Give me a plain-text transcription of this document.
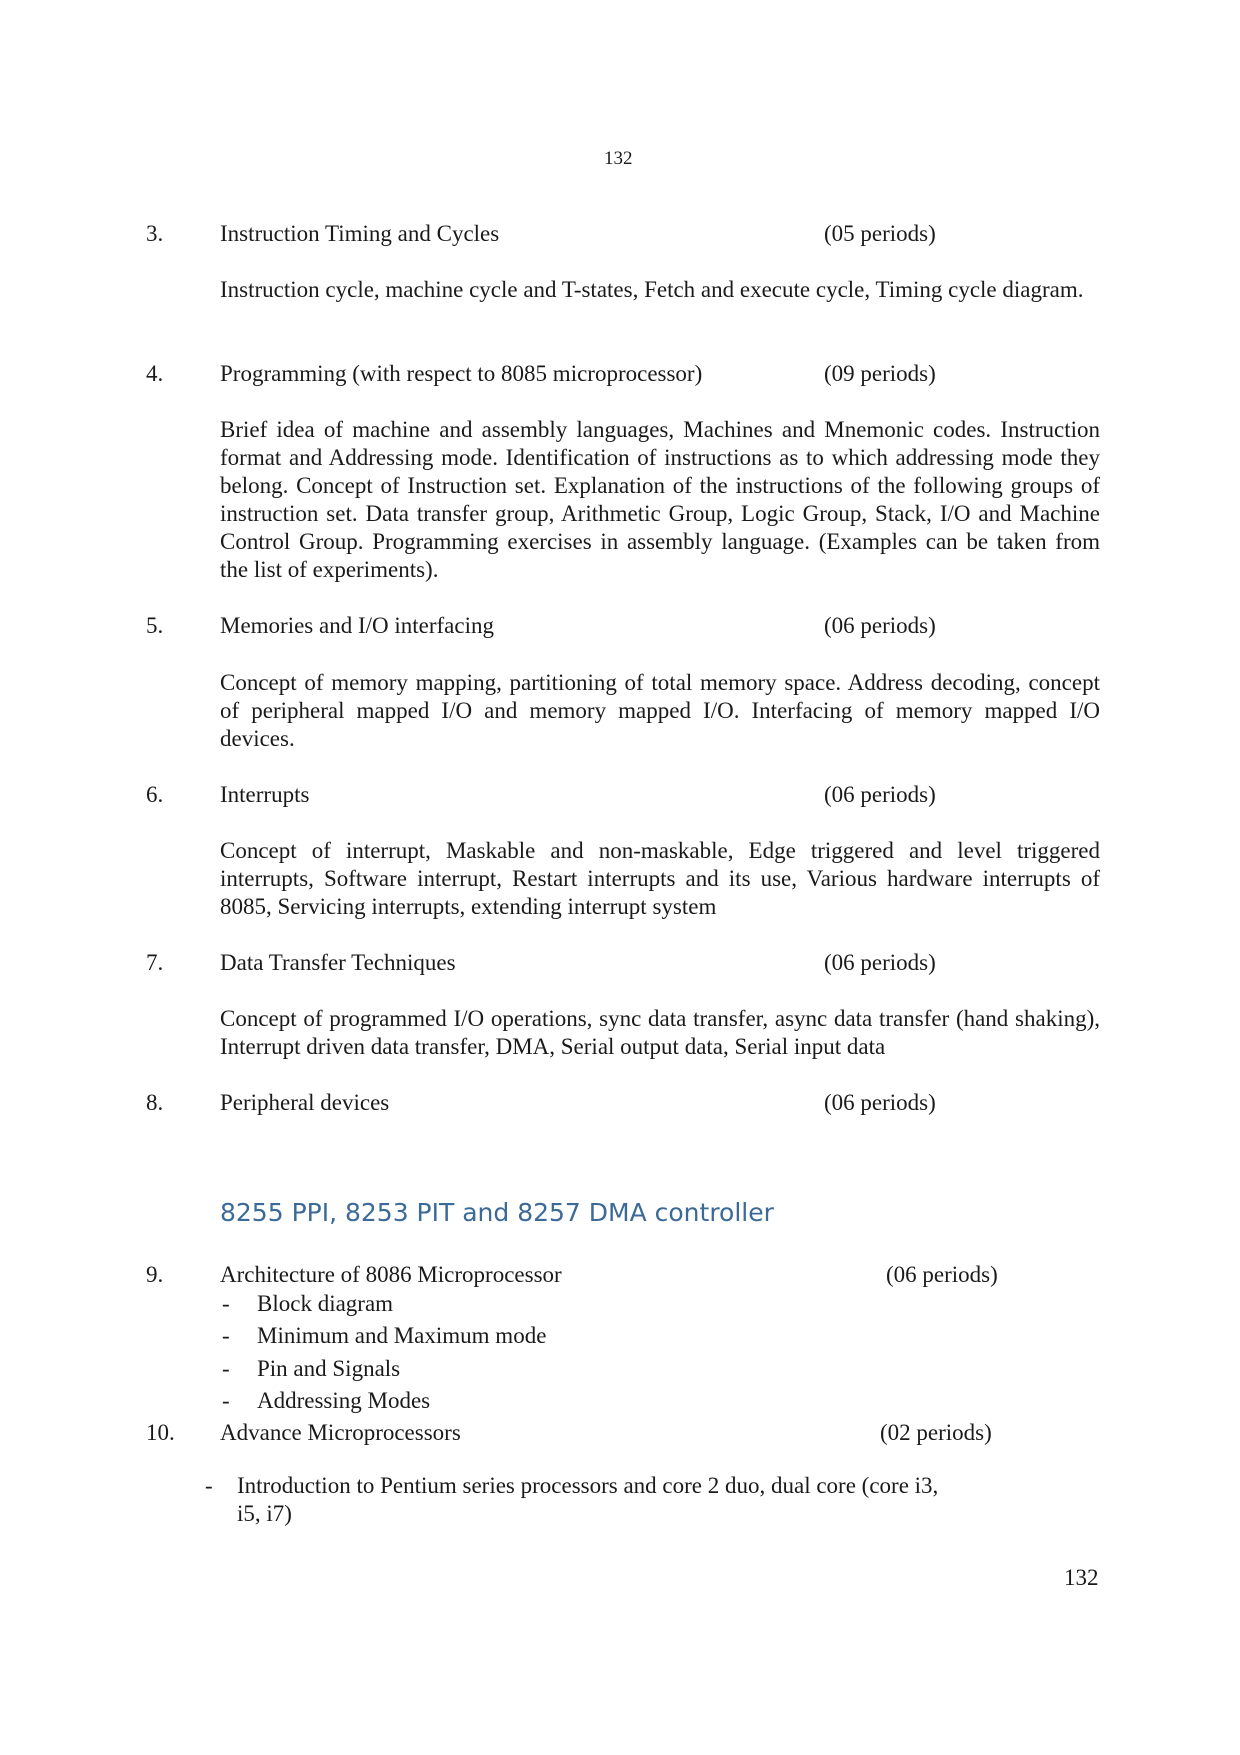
132
3. Instruction Timing and Cycles	(05 periods)
Instruction cycle, machine cycle and T-states, Fetch and execute cycle, Timing cycle diagram.
4. Programming (with respect to 8085 microprocessor)	(09 periods)
Brief idea of machine and assembly languages, Machines and Mnemonic codes. Instruction format and Addressing mode. Identification of instructions as to which addressing mode they belong. Concept of Instruction set. Explanation of the instructions of the following groups of instruction set. Data transfer group, Arithmetic Group, Logic Group, Stack, I/O and Machine Control Group. Programming exercises in assembly language. (Examples can be taken from the list of experiments).
5. Memories and I/O interfacing	(06 periods)
Concept of memory mapping, partitioning of total memory space. Address decoding, concept of peripheral mapped I/O and memory mapped I/O. Interfacing of memory mapped I/O devices.
6. Interrupts	(06 periods)
Concept of interrupt, Maskable and non-maskable, Edge triggered and level triggered interrupts, Software interrupt, Restart interrupts and its use, Various hardware interrupts of 8085, Servicing interrupts, extending interrupt system
7. Data Transfer Techniques	(06 periods)
Concept of programmed I/O operations, sync data transfer, async data transfer (hand shaking), Interrupt driven data transfer, DMA, Serial output data, Serial input data
8. Peripheral devices	(06 periods)
8255 PPI, 8253 PIT and 8257 DMA controller
9. Architecture of 8086 Microprocessor	(06 periods)
- Block diagram
- Minimum and Maximum mode
- Pin and Signals
- Addressing Modes
10. Advance Microprocessors	(02 periods)
- Introduction to Pentium series processors and core 2 duo, dual core (core i3,
i5, i7)
132
